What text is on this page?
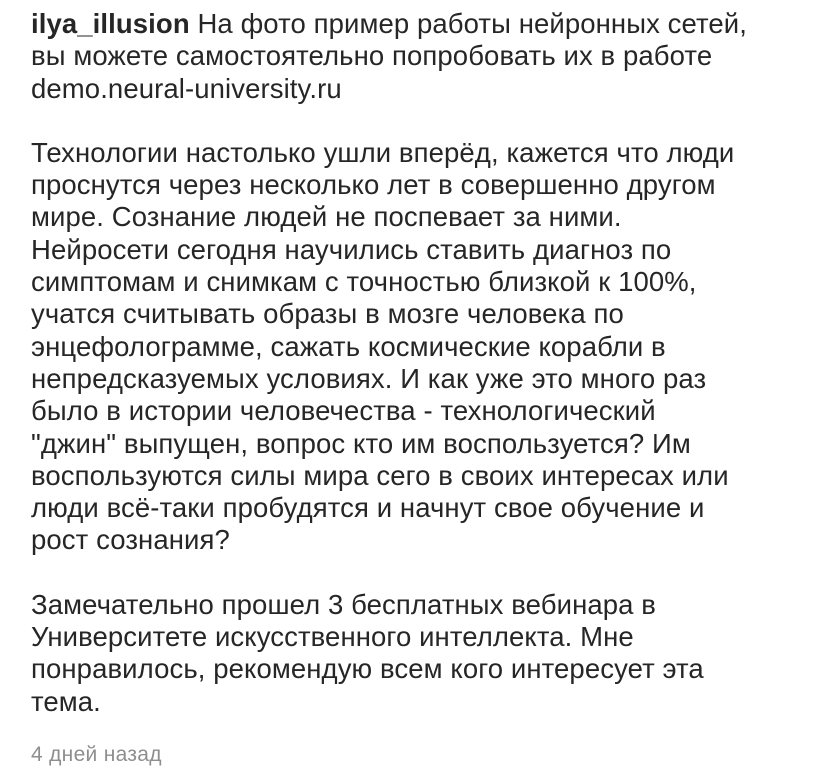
ilya_illusion На фото пример работы нейронных сетей,
вы можете самостоятельно попробовать их в работе
demo.neural-university.ru
Технологии настолько ушли вперёд, кажется что люди
проснутся через несколько лет в совершенно другом
мире. Сознание людей не поспевает за ними.
Нейросети сегодня научились ставить диагноз по
симптомам и снимкам с точностью близкой к 100%,
учатся считывать образы в мозге человека по
энцефолограмме, сажать космические корабли в
непредсказуемых условиях. И как уже это много раз
было в истории человечества - технологический
"джин" выпущен, вопрос кто им воспользуется? Им
воспользуются силы мира сего в своих интересах или
люди всё-таки пробудятся и начнут свое обучение и
рост сознания?
Замечательно прошел 3 бесплатных вебинара в
Университете искусственного интеллекта. Мне
понравилось, рекомендую всем кого интересует эта
тема.
4 дней назад
